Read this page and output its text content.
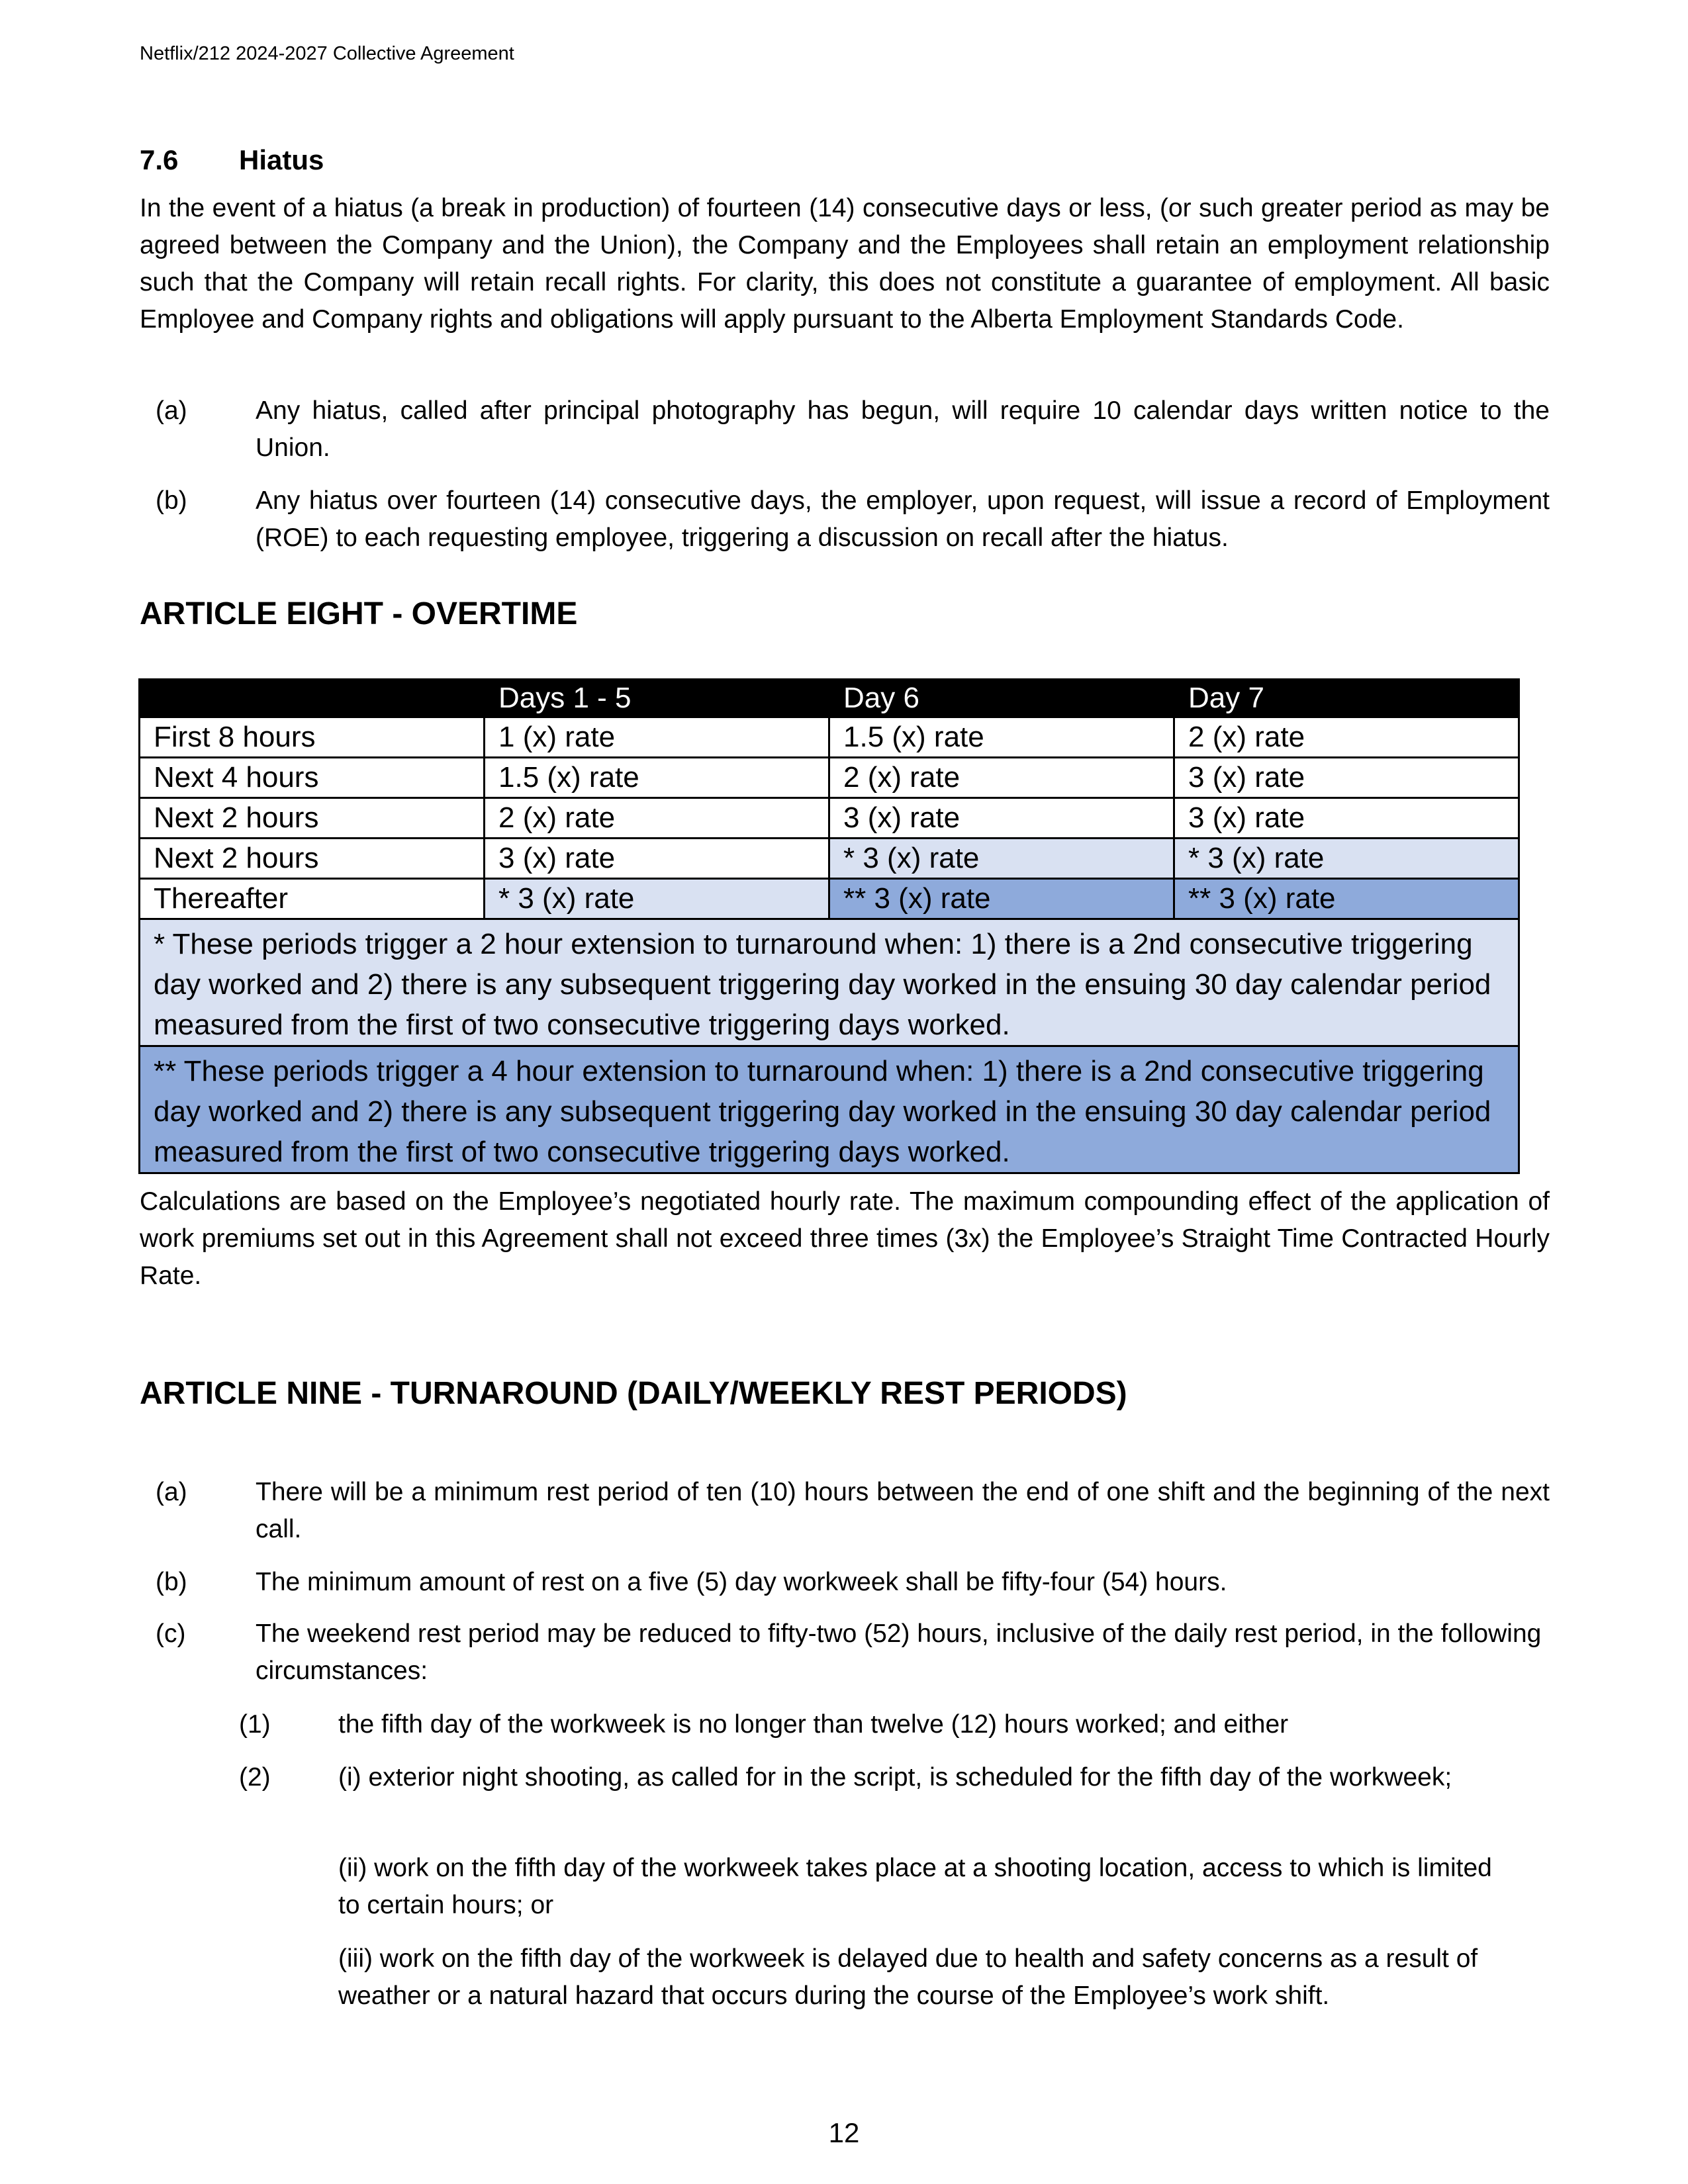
Netflix/212 2024-2027 Collective Agreement
7.6 Hiatus

In the event of a hiatus (a break in production) of fourteen (14) consecutive days or less, (or such greater period as may be agreed between the Company and the Union), the Company and the Employees shall retain an employment relationship such that the Company will retain recall rights. For clarity, this does not constitute a guarantee of employment. All basic Employee and Company rights and obligations will apply pursuant to the Alberta Employment Standards Code.

(a)	Any hiatus, called after principal photography has begun, will require 10 calendar days written notice to the Union.
(b)	Any hiatus over fourteen (14) consecutive days, the employer, upon request, will issue a record of Employment (ROE) to each requesting employee, triggering a discussion on recall after the hiatus.
ARTICLE EIGHT - OVERTIME
	Days 1 - 5	Day 6	Day 7
First 8 hours	1 (x) rate	1.5 (x) rate	2 (x) rate
Next 4 hours	1.5 (x) rate	2 (x) rate	3 (x) rate
Next 2 hours	2 (x) rate	3 (x) rate	3 (x) rate
Next 2 hours	3 (x) rate	* 3 (x) rate	* 3 (x) rate
Thereafter	* 3 (x) rate	** 3 (x) rate	** 3 (x) rate
* These periods trigger a 2 hour extension to turnaround when: 1) there is a 2nd consecutive triggering day worked and 2) there is any subsequent triggering day worked in the ensuing 30 day calendar period measured from the first of two consecutive triggering days worked.			
** These periods trigger a 4 hour extension to turnaround when: 1) there is a 2nd consecutive triggering day worked and 2) there is any subsequent triggering day worked in the ensuing 30 day calendar period measured from the first of two consecutive triggering days worked.			

Calculations are based on the Employee’s negotiated hourly rate. The maximum compounding effect of the application of work premiums set out in this Agreement shall not exceed three times (3x) the Employee’s Straight Time Contracted Hourly Rate.

ARTICLE NINE - TURNAROUND (DAILY/WEEKLY REST PERIODS)
(a)	There will be a minimum rest period of ten (10) hours between the end of one shift and the beginning of the next call.
(b)	The minimum amount of rest on a five (5) day workweek shall be fifty-four (54) hours.
(c)	The weekend rest period may be reduced to fifty-two (52) hours, inclusive of the daily rest period, in the following circumstances:
(1)	the fifth day of the workweek is no longer than twelve (12) hours worked; and either
(2)	(i) exterior night shooting, as called for in the script, is scheduled for the fifth day of the workweek;
(ii) work on the fifth day of the workweek takes place at a shooting location, access to which is limited to certain hours; or
(iii) work on the fifth day of the workweek is delayed due to health and safety concerns as a result of weather or a natural hazard that occurs during the course of the Employee’s work shift.
12
